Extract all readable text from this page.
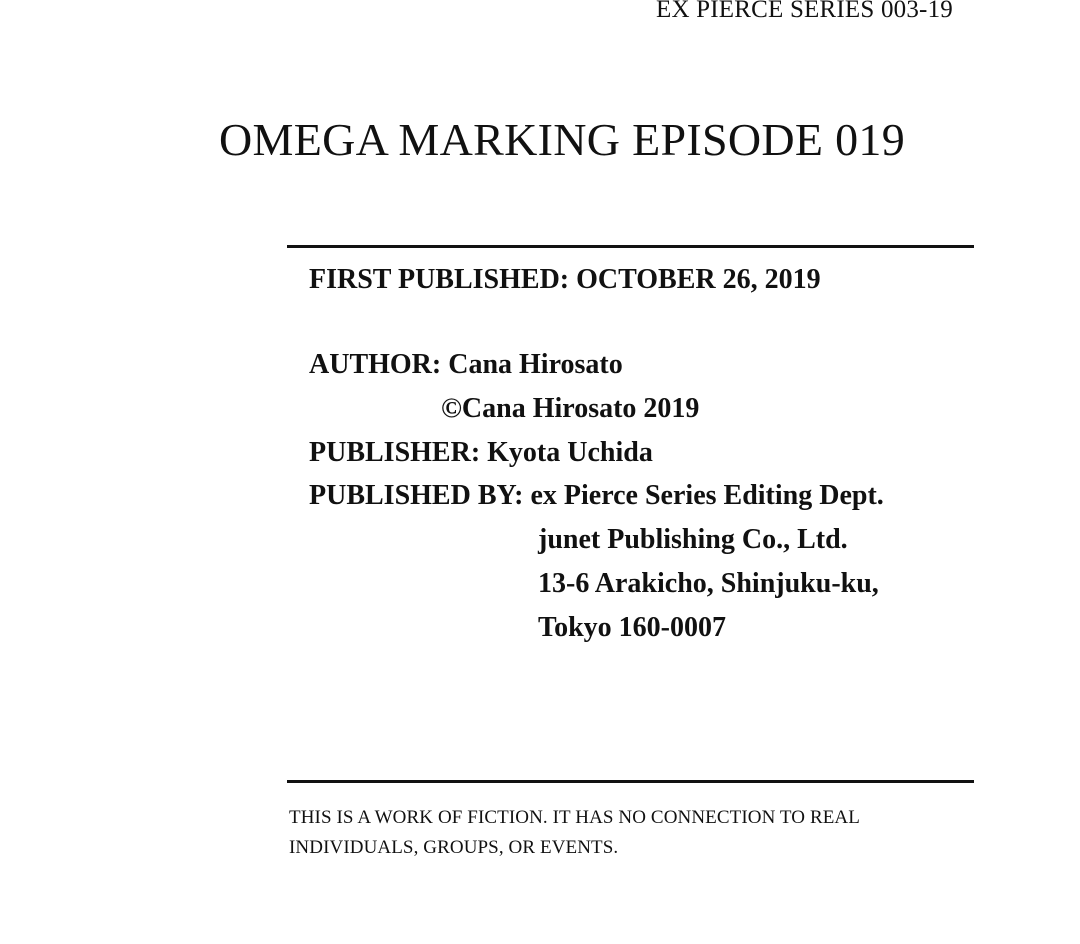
EX PIERCE SERIES 003-19
OMEGA MARKING EPISODE 019
FIRST PUBLISHED: OCTOBER 26, 2019
AUTHOR: Cana Hirosato
©Cana Hirosato 2019
PUBLISHER: Kyota Uchida
PUBLISHED BY: ex Pierce Series Editing Dept.
junet Publishing Co., Ltd.
13-6 Arakicho, Shinjuku-ku,
Tokyo 160-0007
THIS IS A WORK OF FICTION. IT HAS NO CONNECTION TO REAL
INDIVIDUALS, GROUPS, OR EVENTS.
